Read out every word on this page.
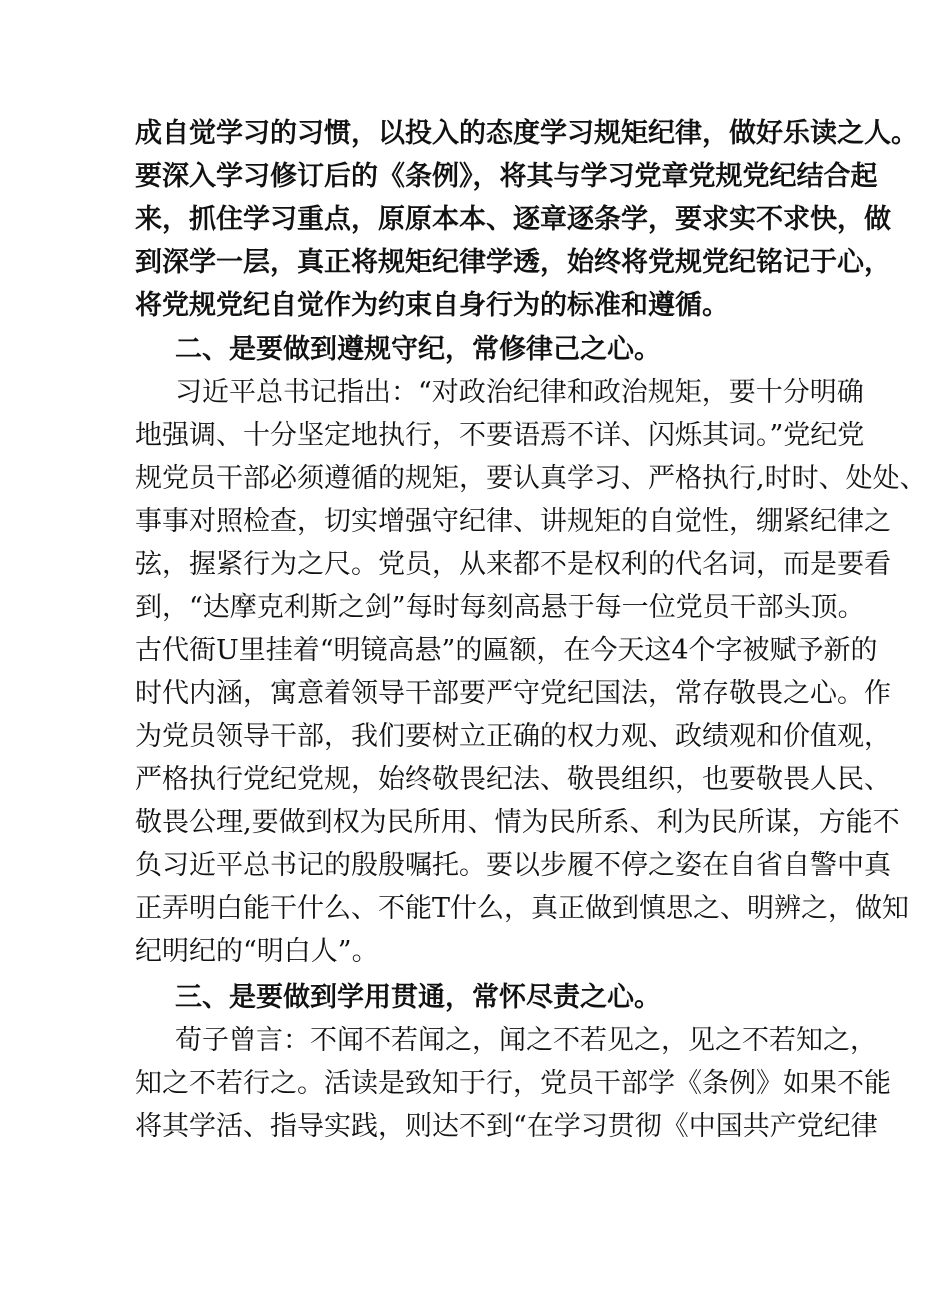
成自觉学习的习惯，以投入的态度学习规矩纪律，做好乐读之人。
要深入学习修订后的《条例》，将其与学习党章党规党纪结合起
来，抓住学习重点，原原本本、逐章逐条学，要求实不求快，做
到深学一层，真正将规矩纪律学透，始终将党规党纪铭记于心，
将党规党纪自觉作为约束自身行为的标准和遵循。
二、是要做到遵规守纪，常修律己之心。
习近平总书记指出：“对政治纪律和政治规矩，要十分明确
地强调、十分坚定地执行，不要语焉不详、闪烁其词。”党纪党
规党员干部必须遵循的规矩，要认真学习、严格执行,时时、处处、
事事对照检查，切实增强守纪律、讲规矩的自觉性，绷紧纪律之
弦，握紧行为之尺。党员，从来都不是权利的代名词，而是要看
到，“达摩克利斯之剑”每时每刻高悬于每一位党员干部头顶。
古代衙U里挂着“明镜高悬”的匾额，在今天这4个字被赋予新的
时代内涵，寓意着领导干部要严守党纪国法，常存敬畏之心。作
为党员领导干部，我们要树立正确的权力观、政绩观和价值观，
严格执行党纪党规，始终敬畏纪法、敬畏组织，也要敬畏人民、
敬畏公理,要做到权为民所用、情为民所系、利为民所谋，方能不
负习近平总书记的殷殷嘱托。要以步履不停之姿在自省自警中真
正弄明白能干什么、不能T什么，真正做到慎思之、明辨之，做知
纪明纪的“明白人”。
三、是要做到学用贯通，常怀尽责之心。
荀子曾言：不闻不若闻之，闻之不若见之，见之不若知之，
知之不若行之。活读是致知于行，党员干部学《条例》如果不能
将其学活、指导实践，则达不到“在学习贯彻《中国共产党纪律
